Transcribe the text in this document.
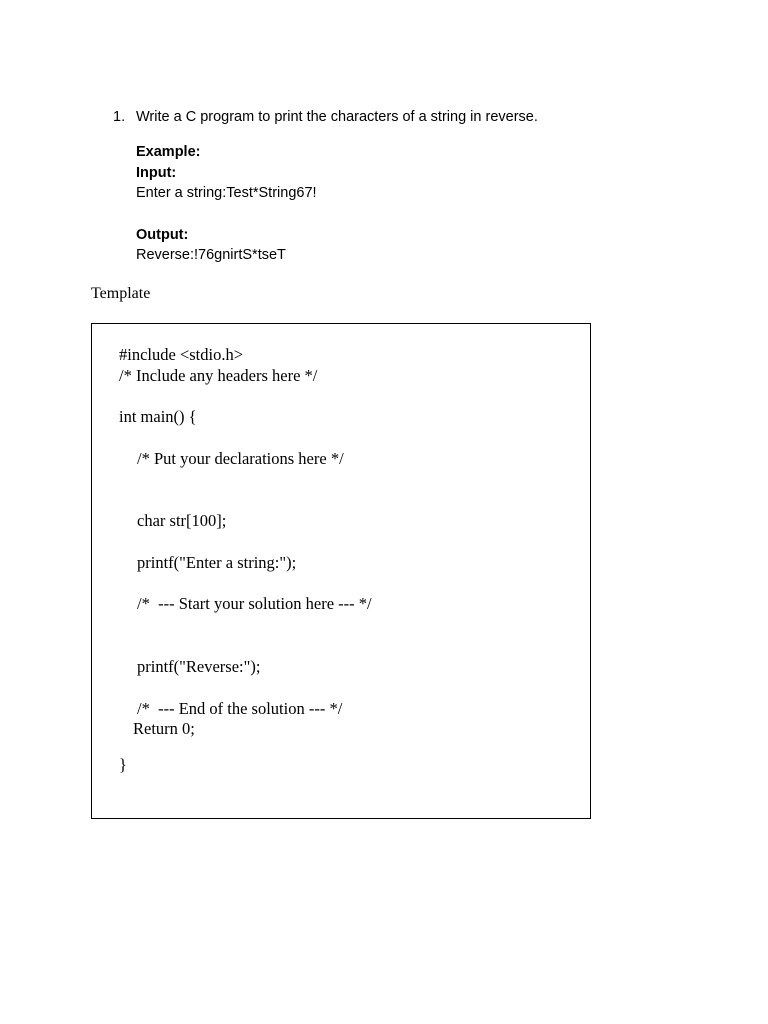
1. Write a C program to print the characters of a string in reverse.
Example:
Input:
Enter a string:Test*String67!
Output:
Reverse:!76gnirtS*tseT
Template
#include <stdio.h>
/* Include any headers here */
int main() {
/* Put your declarations here */
char str[100];
printf("Enter a string:");
/*  --- Start your solution here --- */
printf("Reverse:");
/*  --- End of the solution --- */
Return 0;
}
